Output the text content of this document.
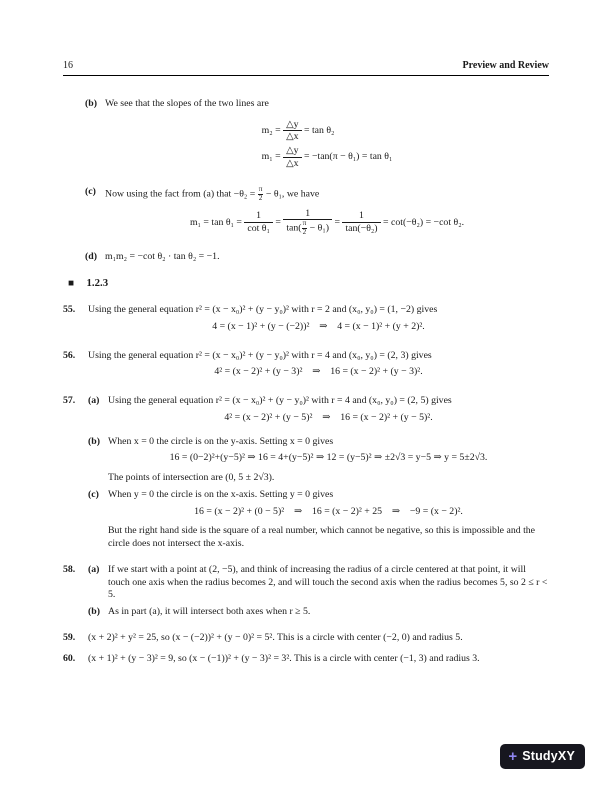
16	Preview and Review
(b) We see that the slopes of the two lines are
$m_2 = \frac{\triangle y}{\triangle x} = \tan \theta_2$
$m_1 = \frac{\triangle y}{\triangle x} = -\tan(\pi - \theta_1) = \tan \theta_1$
(c) Now using the fact from (a) that $-\theta_2 = \frac{\pi}{2} - \theta_1$, we have
$m_1 = \tan \theta_1 = \frac{1}{\text{cot θ₁}} = \frac{1}{\tan( \frac{\pi}{2} - \theta_1)} = \frac{1}{\text{tan(−θ₂)}} = \cot(-\theta_2) = -\cot$ θ₂.
(d) m₁m₂ = −cot θ₂ · tan θ₂ = −1.
■ 1.2.3
55.	Using the general equation r² = (x − x₀)² + (y − y₀)² with r = 2 and (x₀, y₀) = (1, −2) gives
4 = (x − 1)² + (y − (−2))² ⇒ 4 = (x − 1)² + (y + 2)².
56.	Using the general equation r² = (x − x₀)² + (y − y₀)² with r = 4 and (x₀, y₀) = (2, 3) gives
4² = (x − 2)² + (y − 3)² ⇒ 16 = (x − 2)² + (y − 3)².
57.	(a) Using the general equation r² = (x − x₀)² + (y − y₀)² with r = 4 and (x₀, y₀) = (2, 5) gives
4² = (x − 2)² + (y − 5)² ⇒ 16 = (x − 2)² + (y − 5)².
(b) When x = 0 the circle is on the y-axis. Setting x = 0 gives
16 = (0−2)²+(y−5)² ⇒ 16 = 4+(y−5)² ⇒ 12 = (y−5)² ⇒ ±2√3 = y−5 ⇒ y = 5±2√3.
The points of intersection are (0, 5 ± 2√3).
(c) When y = 0 the circle is on the x-axis. Setting y = 0 gives
16 = (x − 2)² + (0 − 5)² ⇒ 16 = (x − 2)² + 25 ⇒ −9 = (x − 2)².
But the right hand side is the square of a real number, which cannot be negative, so this is impossible and the circle does not intersect the x-axis.
58.	(a) If we start with a point at (2, −5), and think of increasing the radius of a circle centered at that point, it will touch one axis when the radius becomes 2, and will touch the second axis when the radius becomes 5, so 2 ≤ r < 5.
(b) As in part (a), it will intersect both axes when r ≥ 5.
59.	(x + 2)² + y² = 25, so (x − (−2))² + (y − 0)² = 5². This is a circle with center (−2, 0) and radius 5.
60.	(x + 1)² + (y − 3)² = 9, so (x − (−1))² + (y − 3)² = 3². This is a circle with center (−1, 3) and radius 3.
+ StudyXY
